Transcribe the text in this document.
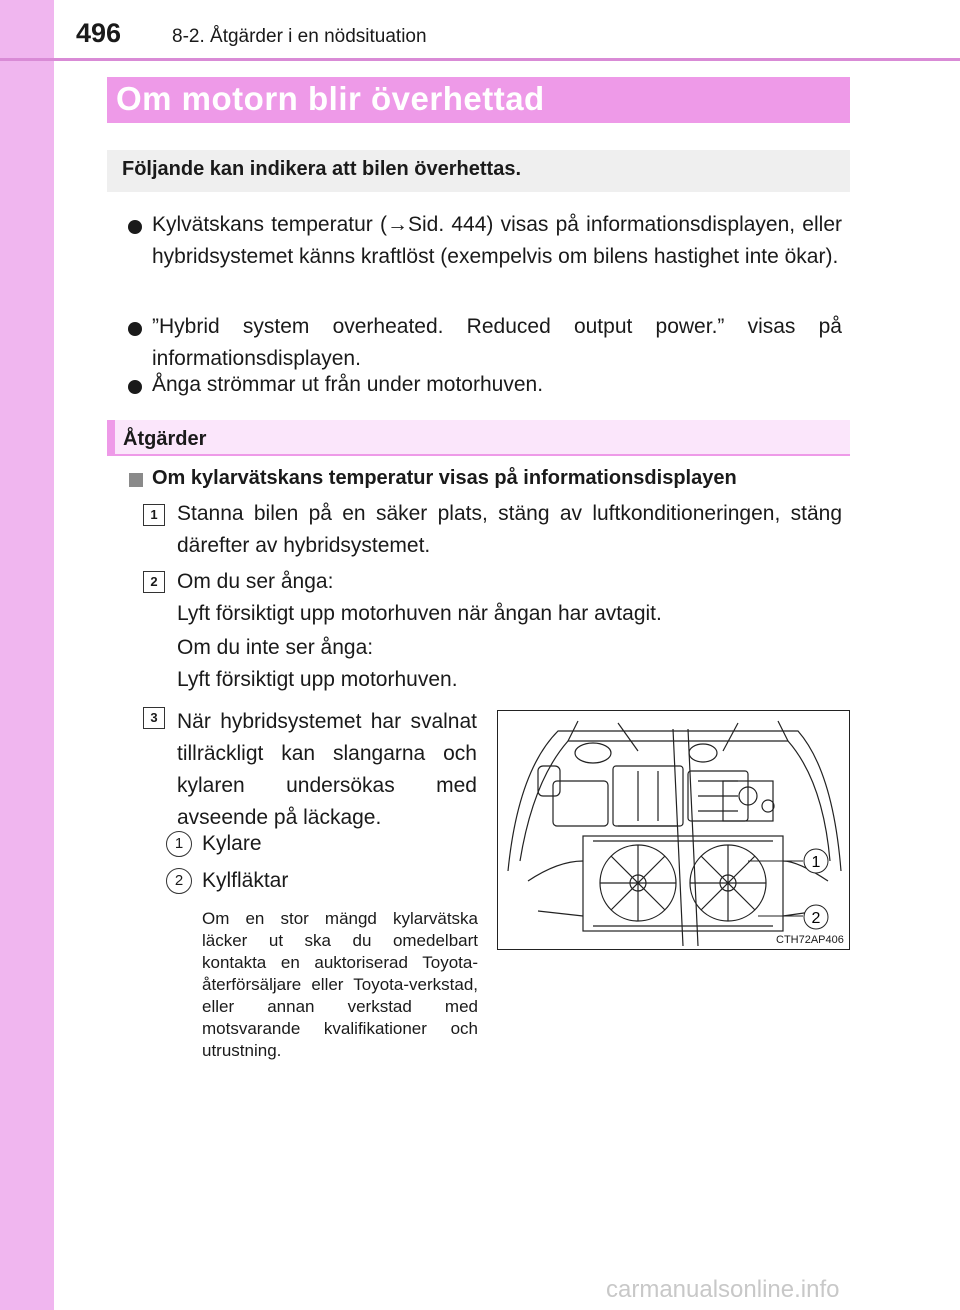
496	8-2. Åtgärder i en nödsituation
Om motorn blir överhettad
Följande kan indikera att bilen överhettas.
Kylvätskans temperatur (→Sid. 444) visas på informationsdisplayen, eller hybridsystemet känns kraftlöst (exempelvis om bilens hastighet inte ökar).
”Hybrid system overheated. Reduced output power.” visas på informationsdisplayen.
Ånga strömmar ut från under motorhuven.
Åtgärder
Om kylarvätskans temperatur visas på informationsdisplayen
1 Stanna bilen på en säker plats, stäng av luftkonditioneringen, stäng därefter av hybridsystemet.
2 Om du ser ånga:
Lyft försiktigt upp motorhuven när ångan har avtagit.
Om du inte ser ånga:
Lyft försiktigt upp motorhuven.
3 När hybridsystemet har svalnat tillräckligt kan slangarna och kylaren undersökas med avseende på läckage.
1 Kylare
2 Kylfläktar
Om en stor mängd kylarvätska läcker ut ska du omedelbart kontakta en auktoriserad Toyota-återförsäljare eller Toyota-verkstad, eller annan verkstad med motsvarande kvalifikationer och utrustning.
1
2
CTH72AP406
carmanualsonline.info
